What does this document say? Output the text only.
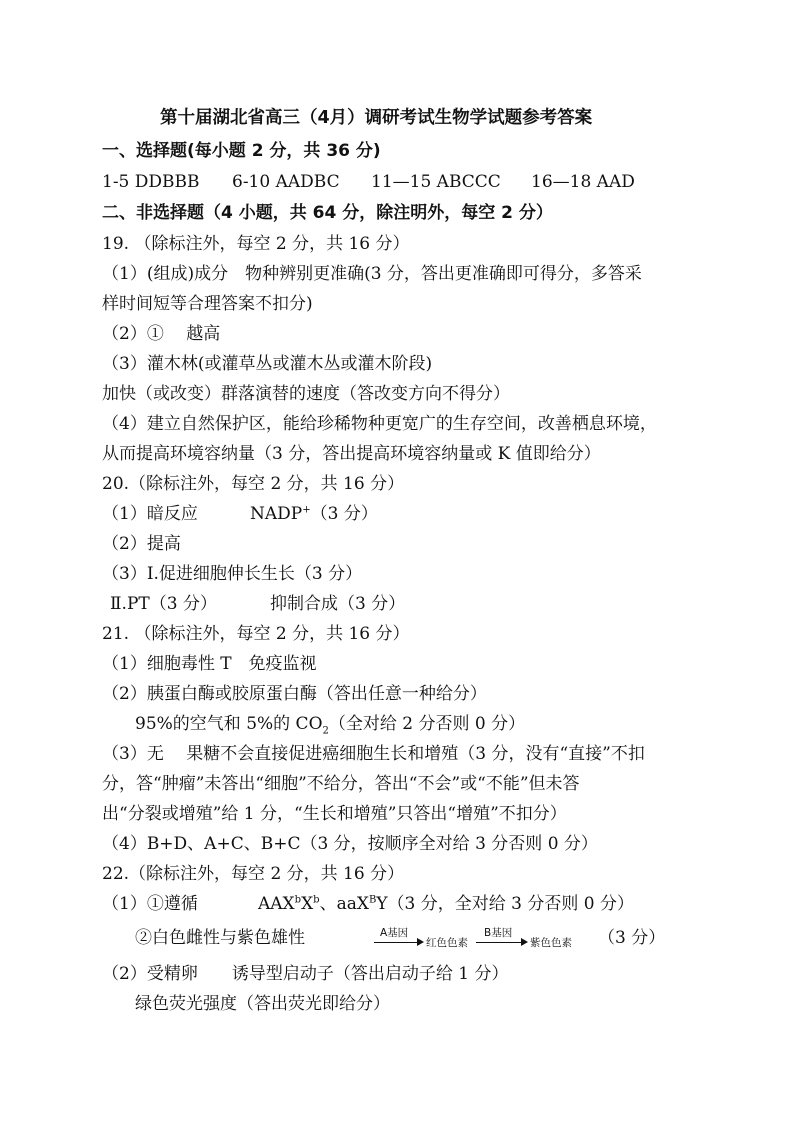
第十届湖北省高三（4月）调研考试生物学试题参考答案
一、选择题(每小题 2 分，共 36 分)
1-5 DDBBB 6-10 AADBC 11—15 ABCCC 16—18 AAD
二、非选择题（4 小题，共 64 分，除注明外，每空 2 分）
19. （除标注外，每空 2 分，共 16 分）
（1）(组成)成分　物种辨别更准确(3 分，答出更准确即可得分，多答采
样时间短等合理答案不扣分)
（2）①　 越高
（3）灌木林(或灌草丛或灌木丛或灌木阶段)
加快（或改变）群落演替的速度（答改变方向不得分）
（4）建立自然保护区，能给珍稀物种更宽广的生存空间，改善栖息环境，
从而提高环境容纳量（3 分，答出提高环境容纳量或 K 值即给分）
20.（除标注外，每空 2 分，共 16 分）
（1）暗反应	NADP+（3 分）
（2）提高
（3）Ⅰ.促进细胞伸长生长（3 分）
Ⅱ.PT（3 分）	抑制合成（3 分）
21. （除标注外，每空 2 分，共 16 分）
（1）细胞毒性 T　免疫监视
（2）胰蛋白酶或胶原蛋白酶（答出任意一种给分）
95%的空气和 5%的 $CO_2$（全对给 2 分否则 0 分）
（3）无　 果糖不会直接促进癌细胞生长和增殖（3 分，没有“直接”不扣
分，答“肿瘤”未答出“细胞”不给分，答出“不会”或“不能”但未答
出“分裂或增殖”给 1 分，“生长和增殖”只答出“增殖”不扣分）
（4）B+D、A+C、B+C（3 分，按顺序全对给 3 分否则 0 分）
22.（除标注外，每空 2 分，共 16 分）
（1）①遵循	$AAX^bX^b$、aaX$^B$Y（3 分，全对给 3 分否则 0 分）
②白色雌性与紫色雄性	A基因
红色色素
B基因
紫色色素 （3 分）
（2）受精卵　　诱导型启动子（答出启动子给 1 分）
绿色荧光强度（答出荧光即给分）
